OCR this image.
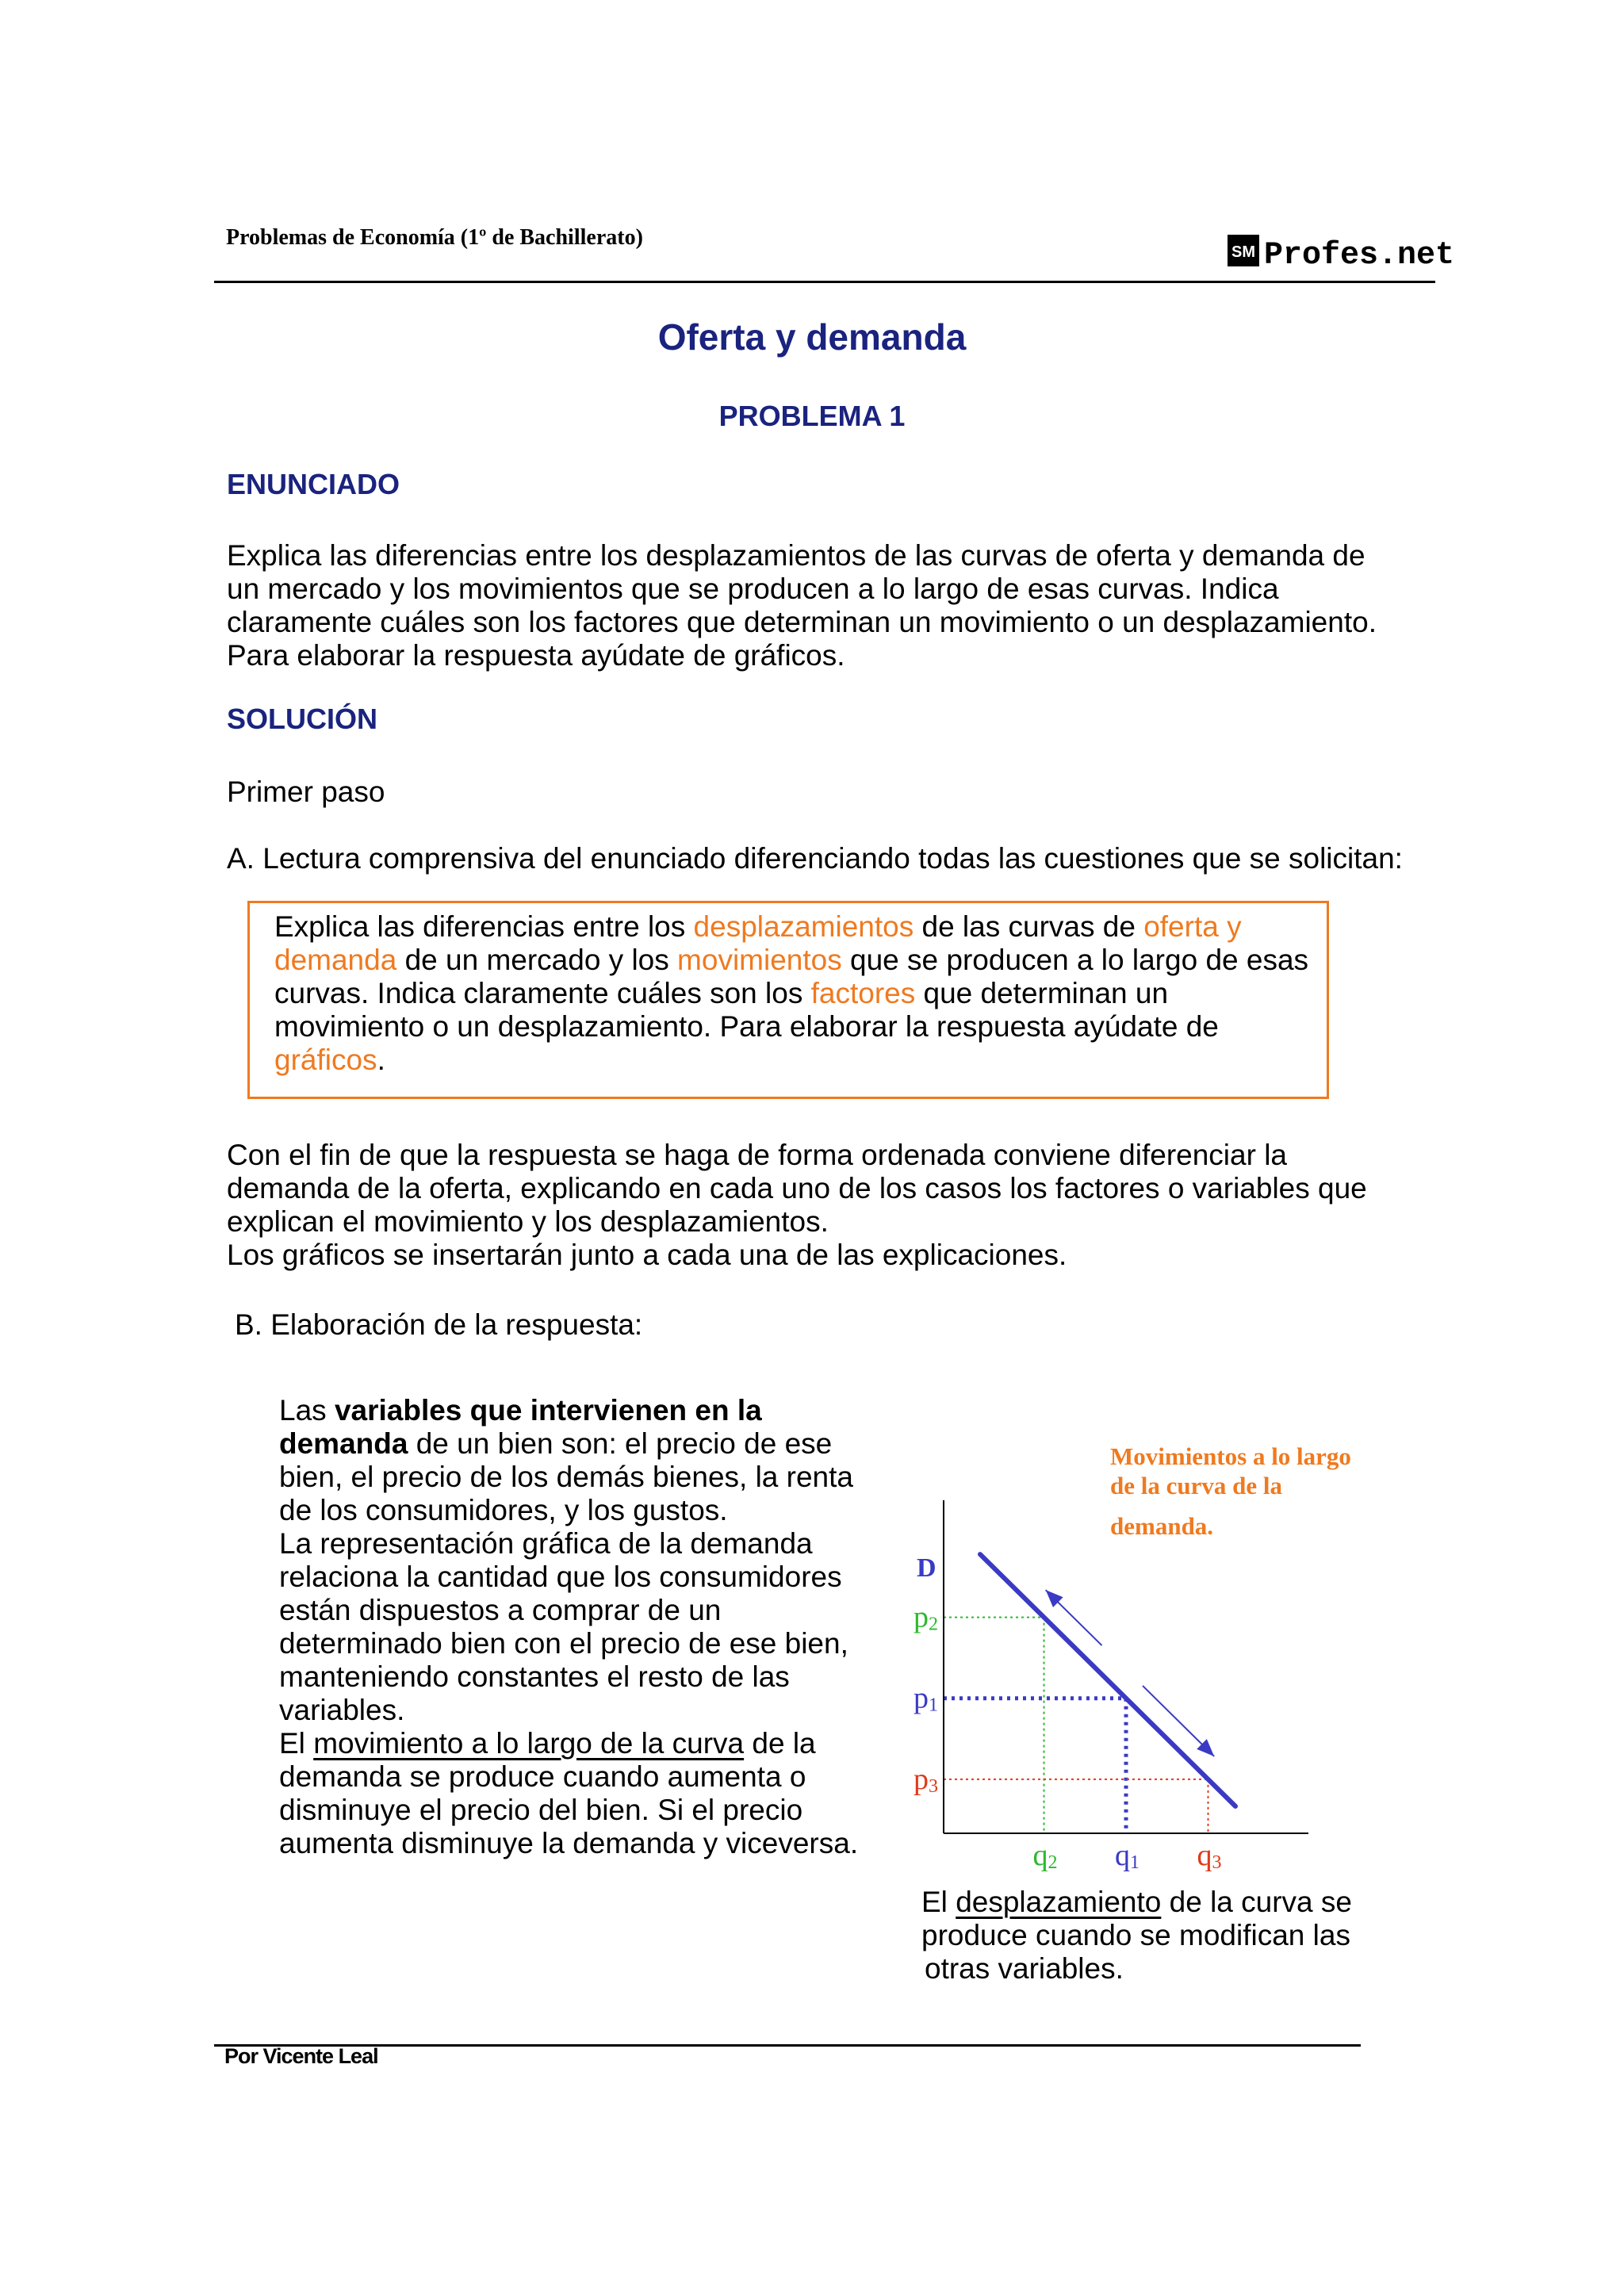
Problemas de Economía (1º de Bachillerato)
SM Profes.net
Oferta y demanda
PROBLEMA 1
ENUNCIADO

Explica las diferencias entre los desplazamientos de las curvas de oferta y demanda de

un mercado y los movimientos que se producen a lo largo de esas curvas. Indica

claramente cuáles son los factores que determinan un movimiento o un desplazamiento.

Para elaborar la respuesta ayúdate de gráficos.

SOLUCIÓN
Primer paso
A. Lectura comprensiva del enunciado diferenciando todas las cuestiones que se solicitan:

Explica las diferencias entre los desplazamientos de las curvas de oferta y

demanda de un mercado y los movimientos que se producen a lo largo de esas

curvas. Indica claramente cuáles son los factores que determinan un

movimiento o un desplazamiento. Para elaborar la respuesta ayúdate de

gráficos.

Con el fin de que la respuesta se haga de forma ordenada conviene diferenciar la

demanda de la oferta, explicando en cada uno de los casos los factores o variables que

explican el movimiento y los desplazamientos.

Los gráficos se insertarán junto a cada una de las explicaciones.

B. Elaboración de la respuesta:

Las variables que intervienen en la

demanda de un bien son: el precio de ese

bien, el precio de los demás bienes, la renta

de los consumidores, y los gustos.

La representación gráfica de la demanda

relaciona la cantidad que los consumidores

están dispuestos a comprar de un

determinado bien con el precio de ese bien,

manteniendo constantes el resto de las

variables.

El movimiento a lo largo de la curva de la

demanda se produce cuando aumenta o

disminuye el precio del bien. Si el precio

aumenta disminuye la demanda y viceversa.

Movimientos a lo largo
de la curva de la
demanda.
p2
q2
p1
q1
p3
q3
D

El desplazamiento de la curva se

produce cuando se modifican las

otras variables.

Por Vicente Leal
